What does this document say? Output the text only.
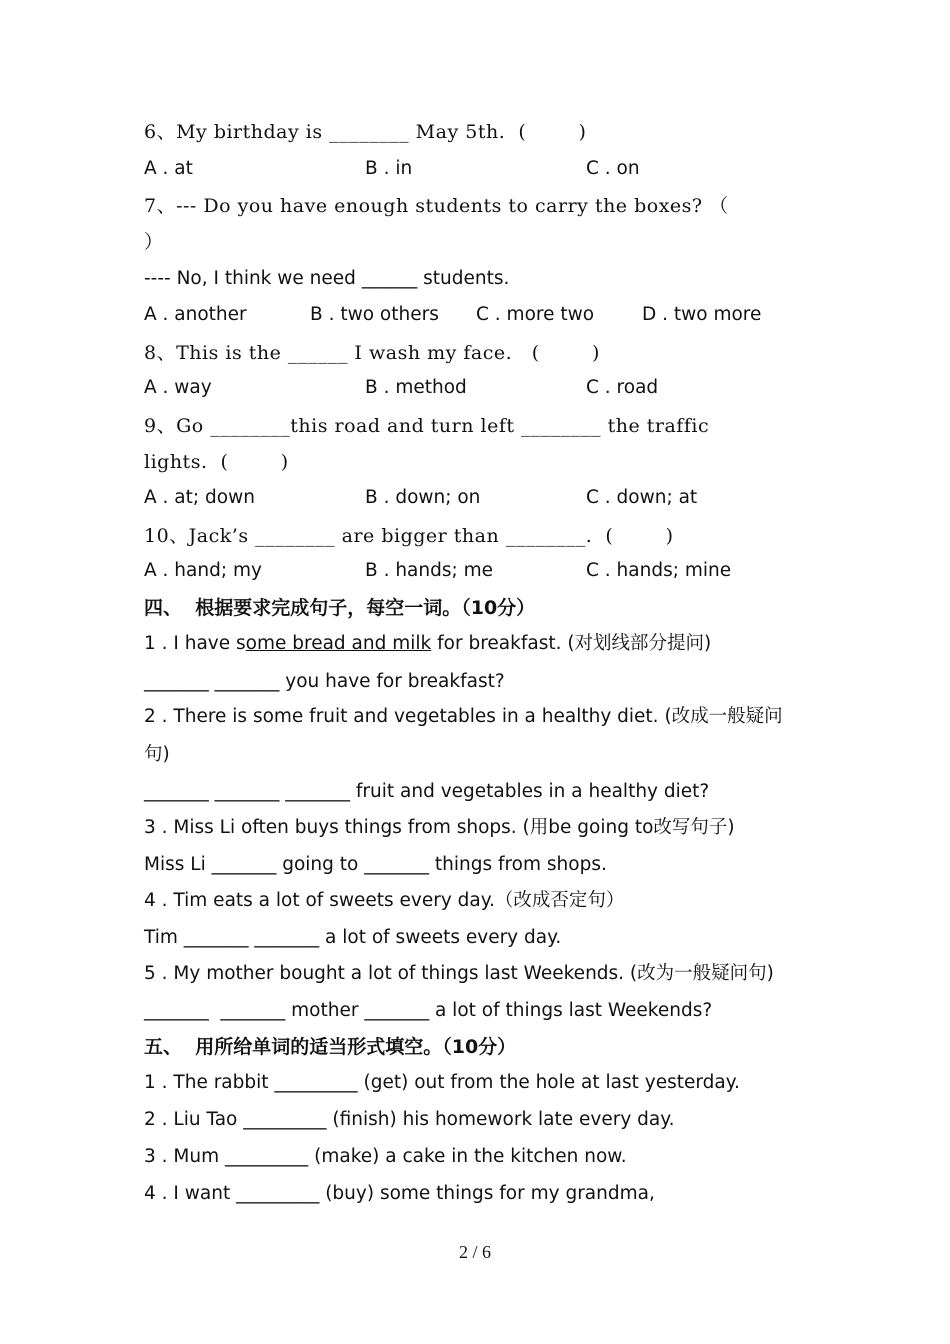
6、My birthday is ________ May 5th.  (        )
A . at	B . in	C . on
7、--- Do you have enough students to carry the boxes? （
）
---- No, I think we need ______ students.
A . another	B . two others C . more two	D . two more
8、This is the ______ I wash my face.   (        )
A . way	B . method	C . road
9、Go ________this road and turn left ________ the traffic
lights.  (        )
A . at; down	B . down; on	C . down; at
10、Jack’s ________ are bigger than ________.  (        )
A . hand; my	B . hands; me	C . hands; mine
四、  根据要求完成句子，每空一词。（10分）
1 . I have some bread and milk for breakfast. (对划线部分提问)
_______ _______ you have for breakfast?
2 . There is some fruit and vegetables in a healthy diet. (改成一般疑问
句)
_______ _______ _______ fruit and vegetables in a healthy diet?
3 . Miss Li often buys things from shops. (用be going to改写句子)
Miss Li _______ going to _______ things from shops.
4 . Tim eats a lot of sweets every day.（改成否定句）
Tim _______ _______ a lot of sweets every day.
5 . My mother bought a lot of things last Weekends. (改为一般疑问句)
_______  _______ mother _______ a lot of things last Weekends?
五、  用所给单词的适当形式填空。（10分）
1 . The rabbit _________ (get) out from the hole at last yesterday.
2 . Liu Tao _________ (finish) his homework late every day.
3 . Mum _________ (make) a cake in the kitchen now.
4 . I want _________ (buy) some things for my grandma,
2 / 6
